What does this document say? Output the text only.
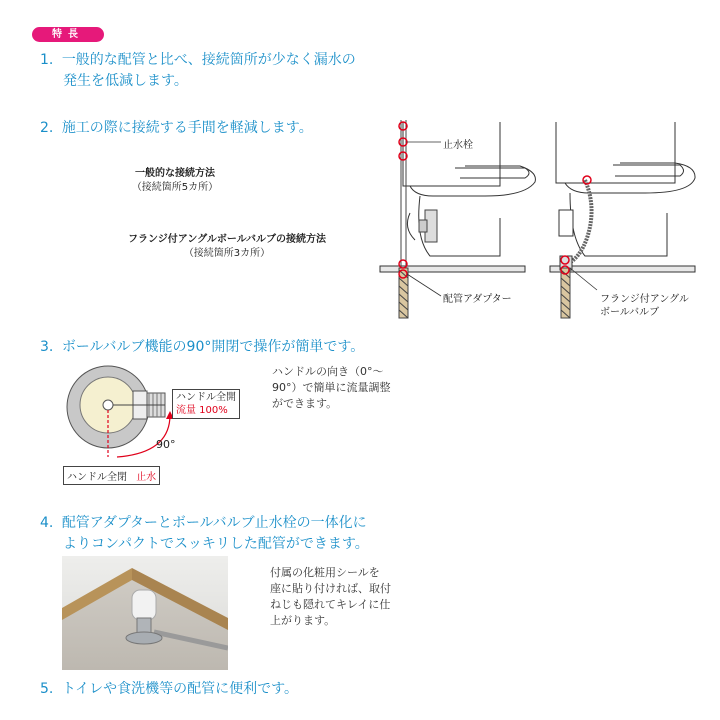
特長
1. 一般的な配管と比べ、接続箇所が少なく漏水の
発生を低減します。
2. 施工の際に接続する手間を軽減します。
一般的な接続方法
（接続箇所5カ所）
フランジ付アングルボールバルブの接続方法
（接続箇所3カ所）
止水栓
配管アダプター	フランジ付アングル
ボールバルブ
3. ボールバルブ機能の90°開閉で操作が簡単です。
ハンドル全開
流量 100%
90°
ハンドル全閉 止水
ハンドルの向き（0°～
90°）で簡単に流量調整
ができます。
4. 配管アダプターとボールバルブ止水栓の一体化に
よりコンパクトでスッキリした配管ができます。
付属の化粧用シールを
座に貼り付ければ、取付
ねじも隠れてキレイに仕
上がります。
5. トイレや食洗機等の配管に便利です。
